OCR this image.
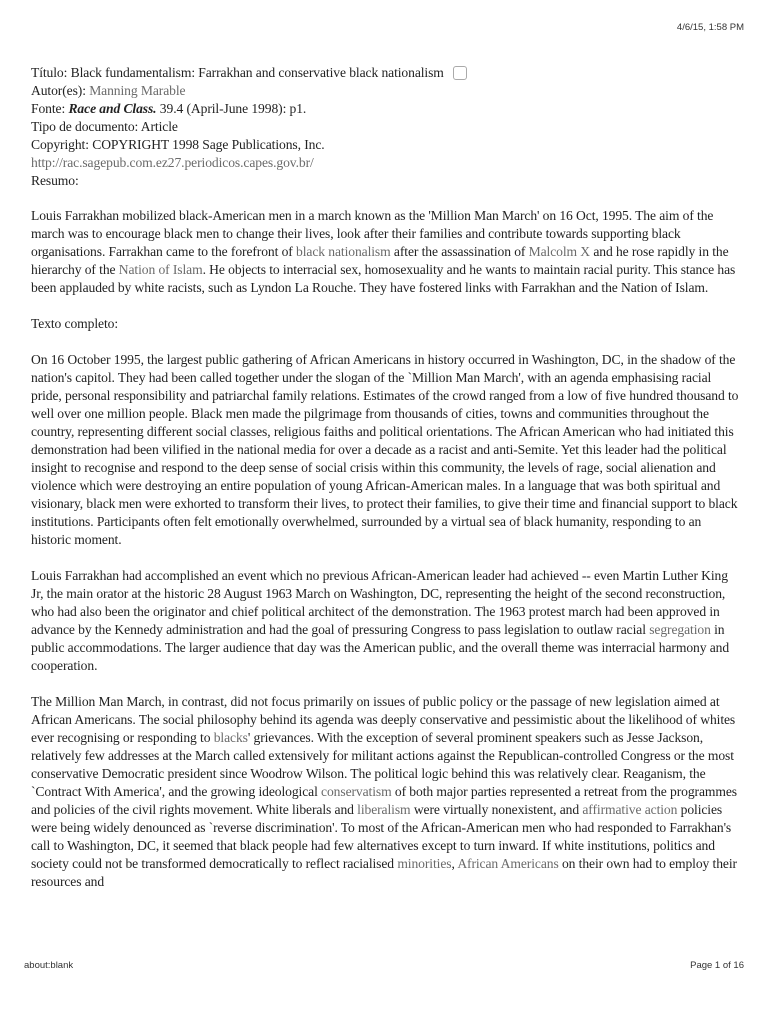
4/6/15, 1:58 PM
Título: Black fundamentalism: Farrakhan and conservative black nationalism
Autor(es): Manning Marable
Fonte: Race and Class. 39.4 (April-June 1998): p1.
Tipo de documento: Article
Copyright: COPYRIGHT 1998 Sage Publications, Inc.
http://rac.sagepub.com.ez27.periodicos.capes.gov.br/
Resumo:

Louis Farrakhan mobilized black-American men in a march known as the 'Million Man March' on 16 Oct, 1995. The aim of the march was to encourage black men to change their lives, look after their families and contribute towards supporting black organisations. Farrakhan came to the forefront of black nationalism after the assassination of Malcolm X and he rose rapidly in the hierarchy of the Nation of Islam. He objects to interracial sex, homosexuality and he wants to maintain racial purity. This stance has been applauded by white racists, such as Lyndon La Rouche. They have fostered links with Farrakhan and the Nation of Islam.

Texto completo:

On 16 October 1995, the largest public gathering of African Americans in history occurred in Washington, DC, in the shadow of the nation's capitol. They had been called together under the slogan of the `Million Man March', with an agenda emphasising racial pride, personal responsibility and patriarchal family relations. Estimates of the crowd ranged from a low of five hundred thousand to well over one million people. Black men made the pilgrimage from thousands of cities, towns and communities throughout the country, representing different social classes, religious faiths and political orientations. The African American who had initiated this demonstration had been vilified in the national media for over a decade as a racist and anti-Semite. Yet this leader had the political insight to recognise and respond to the deep sense of social crisis within this community, the levels of rage, social alienation and violence which were destroying an entire population of young African-American males. In a language that was both spiritual and visionary, black men were exhorted to transform their lives, to protect their families, to give their time and financial support to black institutions. Participants often felt emotionally overwhelmed, surrounded by a virtual sea of black humanity, responding to an historic moment.

Louis Farrakhan had accomplished an event which no previous African-American leader had achieved -- even Martin Luther King Jr, the main orator at the historic 28 August 1963 March on Washington, DC, representing the height of the second reconstruction, who had also been the originator and chief political architect of the demonstration. The 1963 protest march had been approved in advance by the Kennedy administration and had the goal of pressuring Congress to pass legislation to outlaw racial segregation in public accommodations. The larger audience that day was the American public, and the overall theme was interracial harmony and cooperation.

The Million Man March, in contrast, did not focus primarily on issues of public policy or the passage of new legislation aimed at African Americans. The social philosophy behind its agenda was deeply conservative and pessimistic about the likelihood of whites ever recognising or responding to blacks' grievances. With the exception of several prominent speakers such as Jesse Jackson, relatively few addresses at the March called extensively for militant actions against the Republican-controlled Congress or the most conservative Democratic president since Woodrow Wilson. The political logic behind this was relatively clear. Reaganism, the `Contract With America', and the growing ideological conservatism of both major parties represented a retreat from the programmes and policies of the civil rights movement. White liberals and liberalism were virtually nonexistent, and affirmative action policies were being widely denounced as `reverse discrimination'. To most of the African-American men who had responded to Farrakhan's call to Washington, DC, it seemed that black people had few alternatives except to turn inward. If white institutions, politics and society could not be transformed democratically to reflect racialised minorities, African Americans on their own had to employ their resources and

about:blank	Page 1 of 16
